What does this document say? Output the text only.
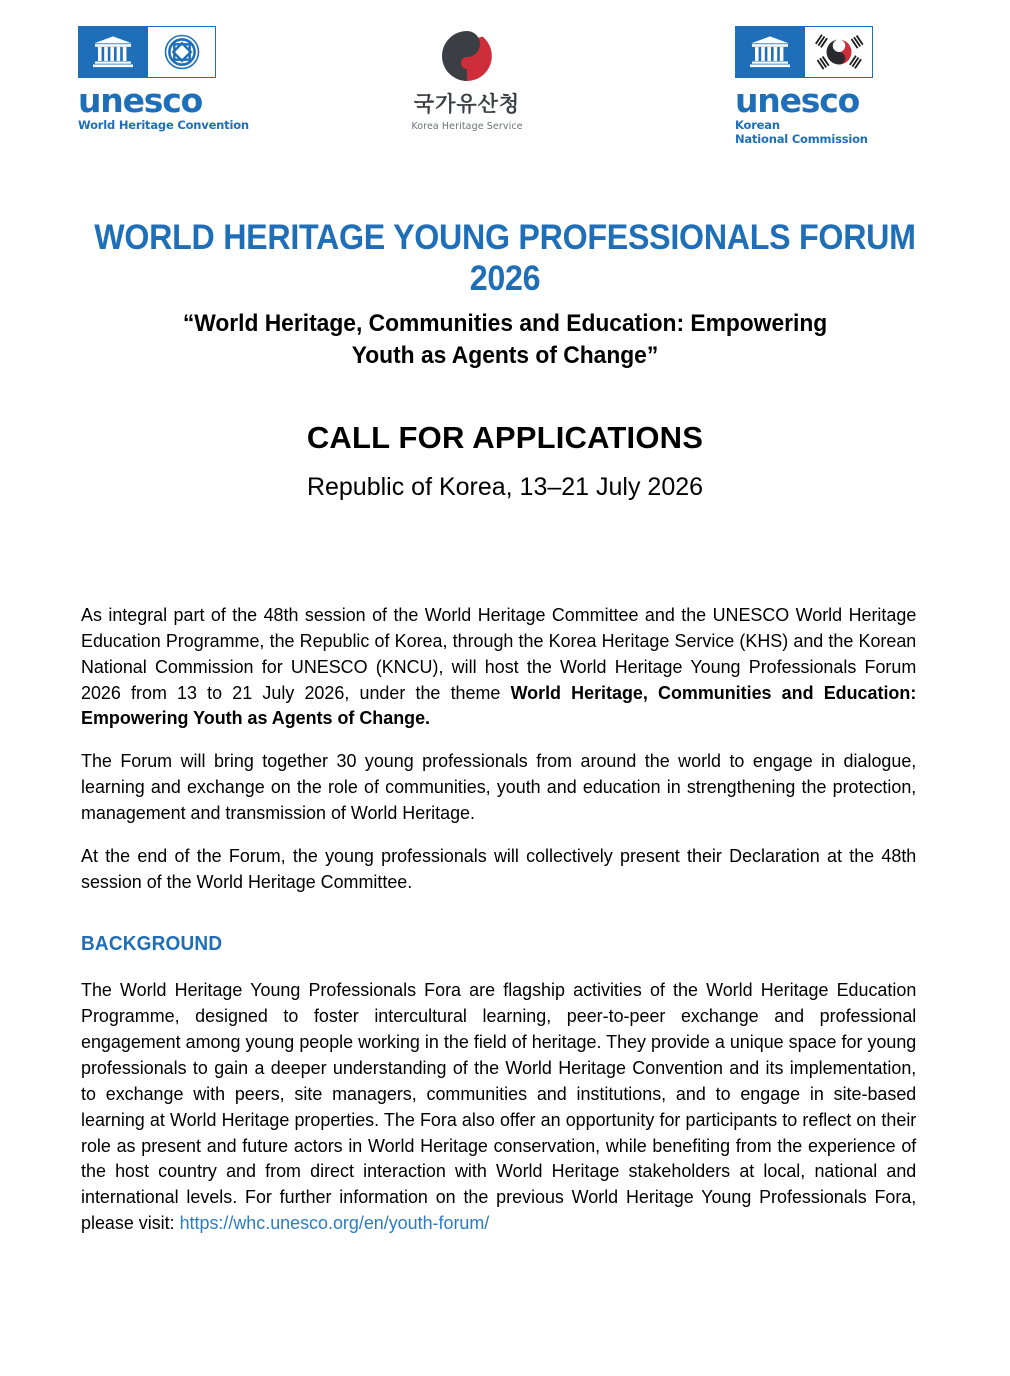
unesco
World Heritage Convention
국가유산청
Korea Heritage Service
unesco
Korean
National Commission
WORLD HERITAGE YOUNG PROFESSIONALS FORUM 2026
“World Heritage, Communities and Education: Empowering Youth as Agents of Change”
CALL FOR APPLICATIONS
Republic of Korea, 13–21 July 2026

As integral part of the 48th session of the World Heritage Committee and the UNESCO World Heritage Education Programme, the Republic of Korea, through the Korea Heritage Service (KHS) and the Korean National Commission for UNESCO (KNCU), will host the World Heritage Young Professionals Forum 2026 from 13 to 21 July 2026, under the theme World Heritage, Communities and Education: Empowering Youth as Agents of Change.

The Forum will bring together 30 young professionals from around the world to engage in dialogue, learning and exchange on the role of communities, youth and education in strengthening the protection, management and transmission of World Heritage.

At the end of the Forum, the young professionals will collectively present their Declaration at the 48th session of the World Heritage Committee.

BACKGROUND

The World Heritage Young Professionals Fora are flagship activities of the World Heritage Education Programme, designed to foster intercultural learning, peer-to-peer exchange and professional engagement among young people working in the field of heritage. They provide a unique space for young professionals to gain a deeper understanding of the World Heritage Convention and its implementation, to exchange with peers, site managers, communities and institutions, and to engage in site-based learning at World Heritage properties. The Fora also offer an opportunity for participants to reflect on their role as present and future actors in World Heritage conservation, while benefiting from the experience of the host country and from direct interaction with World Heritage stakeholders at local, national and international levels. For further information on the previous World Heritage Young Professionals Fora, please visit: https://whc.unesco.org/en/youth-forum/
